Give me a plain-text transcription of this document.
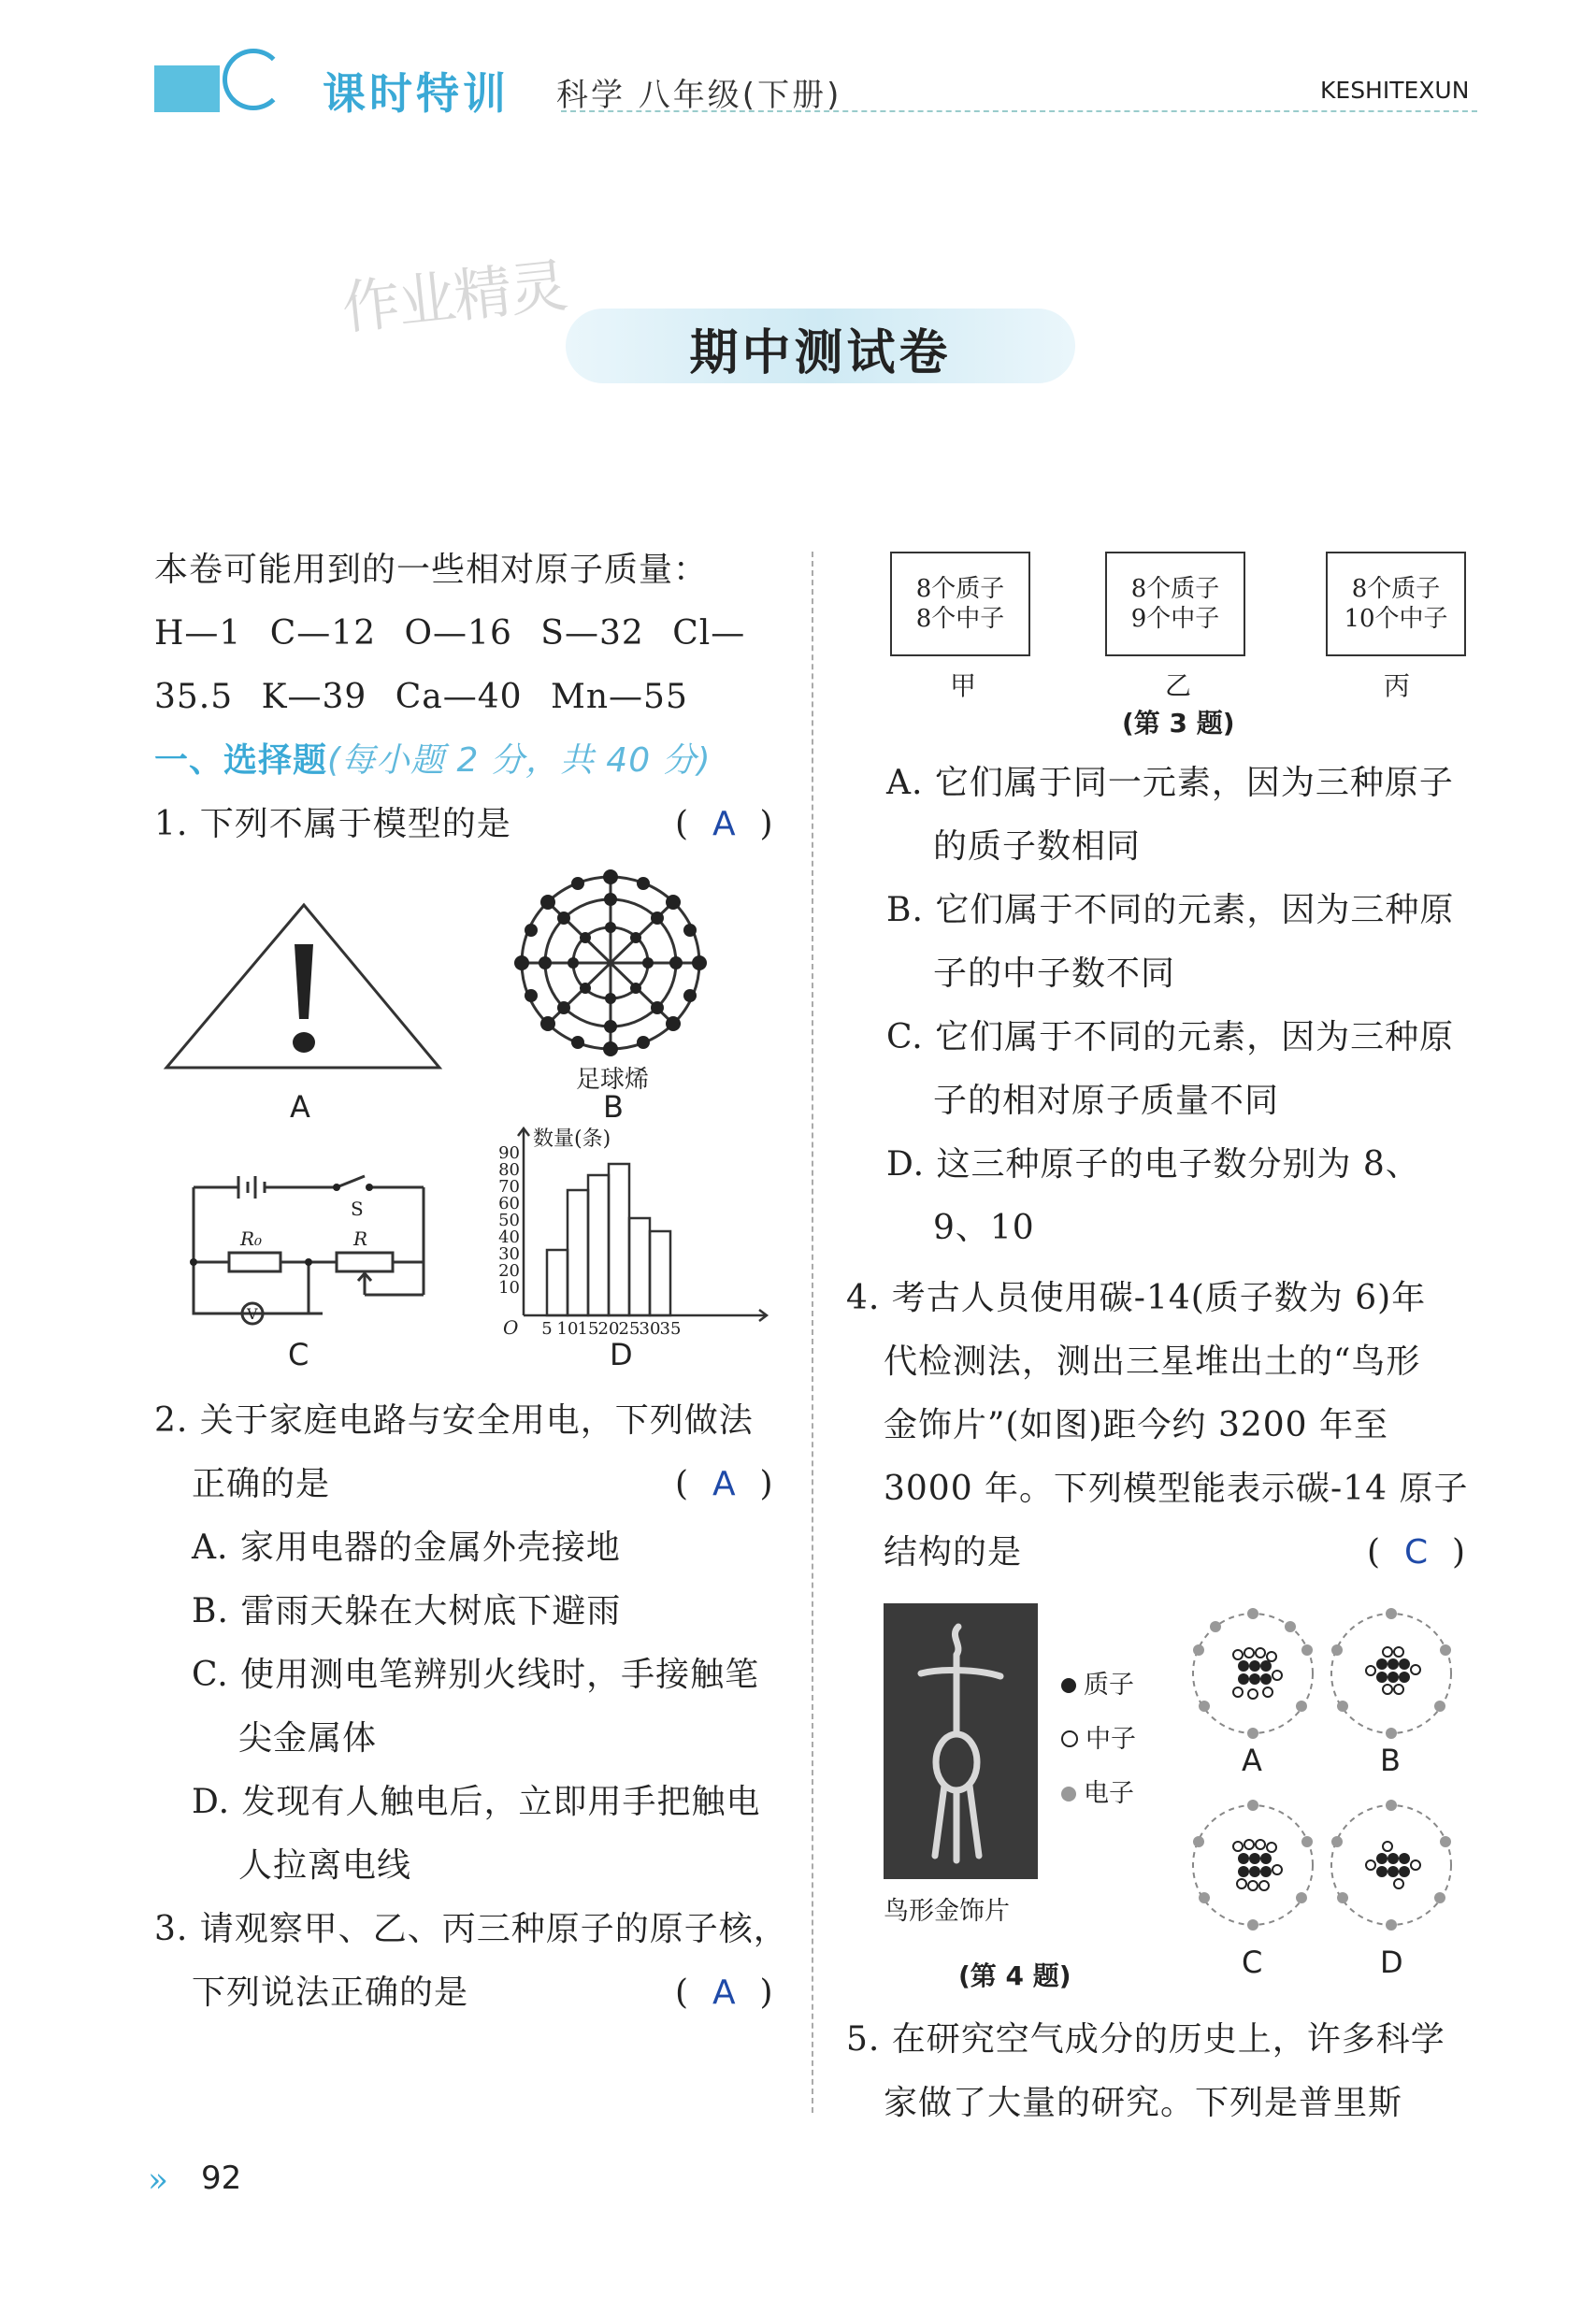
课时特训 科学 八年级(下册)	KESHITEXUN
作业精灵
期中测试卷
本卷可能用到的一些相对原子质量：
H—1 C—12 O—16 S—32 Cl—
35.5 K—39 Ca—40 Mn—55
一、选择题(每小题 2 分，共 40 分)
1. 下列不属于模型的是	(  A  )
A
足球烯
B
S
R₀	R
V
C
数量(条)
90
80
70
60
50
40
30
20
10
O 5 10 15 20 25 30 35
D
2. 关于家庭电路与安全用电，下列做法
正确的是	(  A  )
A. 家用电器的金属外壳接地
B. 雷雨天躲在大树底下避雨
C. 使用测电笔辨别火线时，手接触笔
尖金属体
D. 发现有人触电后，立即用手把触电
人拉离电线
3. 请观察甲、乙、丙三种原子的原子核，
下列说法正确的是	(  A  )
8个质子
8个中子
8个质子
9个中子
8个质子
10个中子
甲	乙	丙
(第 3 题)
A. 它们属于同一元素，因为三种原子
的质子数相同
B. 它们属于不同的元素，因为三种原
子的中子数不同
C. 它们属于不同的元素，因为三种原
子的相对原子质量不同
D. 这三种原子的电子数分别为 8、
9、10
4. 考古人员使用碳-14(质子数为 6)年
代检测法，测出三星堆出土的“鸟形
金饰片”(如图)距今约 3200 年至
3000 年。下列模型能表示碳-14 原子
结构的是	(  C  )
鸟形金饰片
(第 4 题)
质子
中子
电子
A	B
C	D
5. 在研究空气成分的历史上，许多科学
家做了大量的研究。下列是普里斯
» 92
